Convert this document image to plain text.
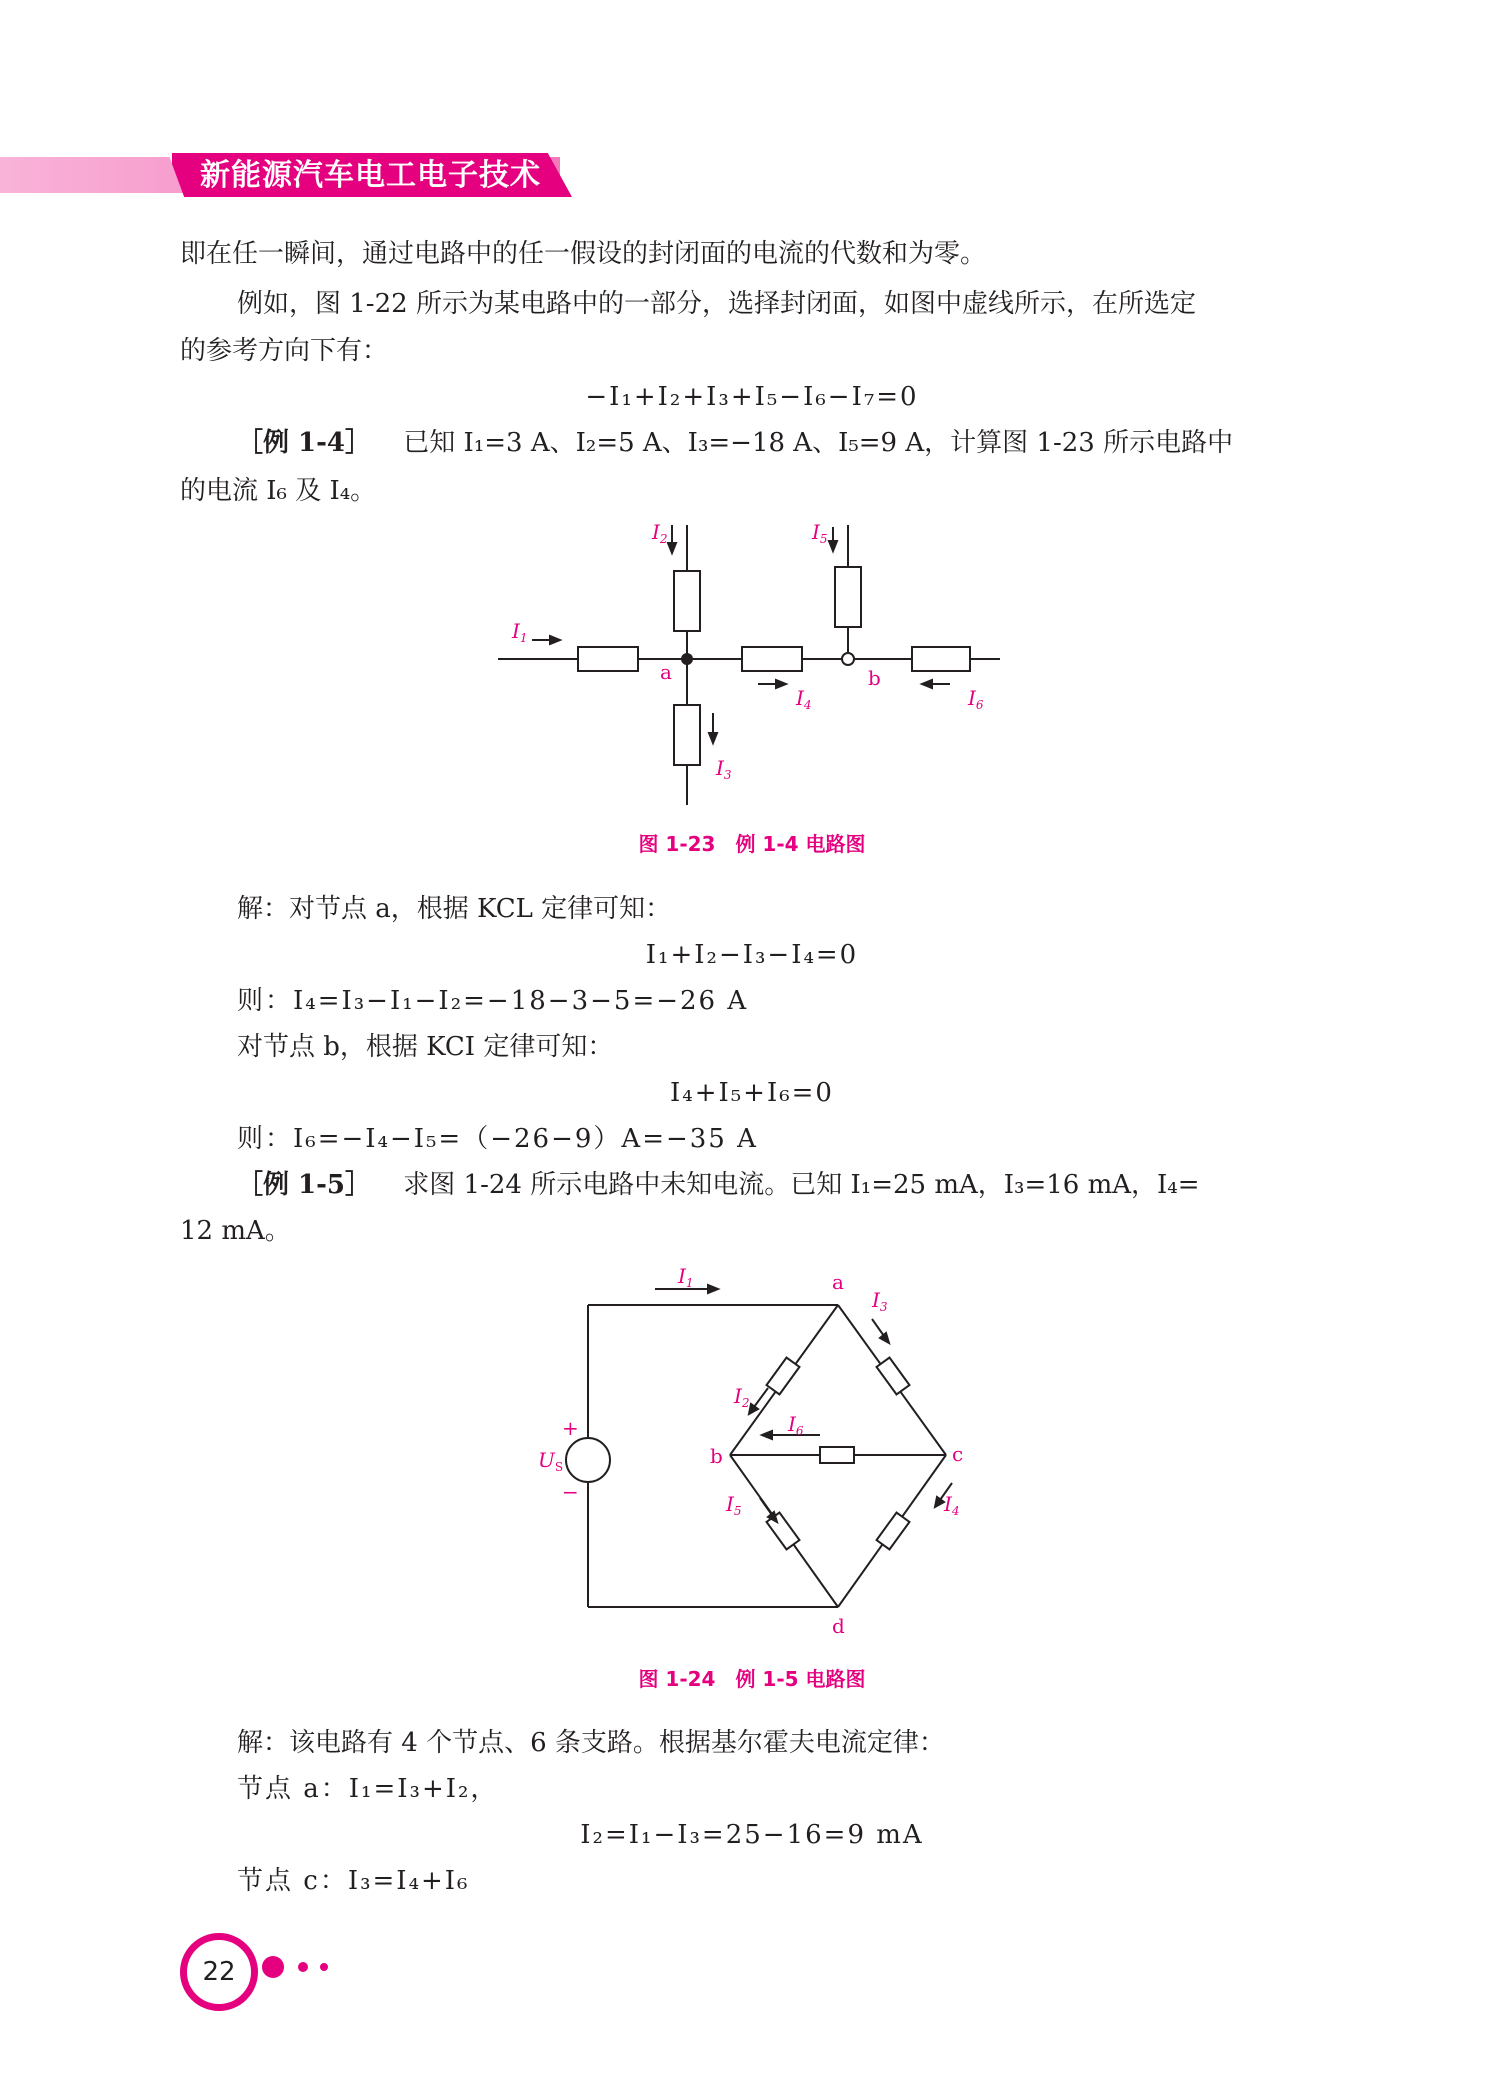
新能源汽车电工电子技术
即在任一瞬间，通过电路中的任一假设的封闭面的电流的代数和为零。
例如，图 1-22 所示为某电路中的一部分，选择封闭面，如图中虚线所示，在所选定
的参考方向下有：
−I₁+I₂+I₃+I₅−I₆−I₇=0
［例 1-4］ 已知 I₁=3 A、I₂=5 A、I₃=−18 A、I₅=9 A，计算图 1-23 所示电路中
的电流 I₆ 及 I₄。
$I_1$
$I_2$	$I_5$
a	b
$I_4$	$I_6$
$I_3$
图 1-23　例 1-4 电路图
解：对节点 a，根据 KCL 定律可知：
I₁+I₂−I₃−I₄=0
则：I₄=I₃−I₁−I₂=−18−3−5=−26 A
对节点 b，根据 KCI 定律可知：
I₄+I₅+I₆=0
则：I₆=−I₄−I₅=（−26−9）A=−35 A
［例 1-5］ 求图 1-24 所示电路中未知电流。已知 I₁=25 mA，I₃=16 mA，I₄=
12 mA。
$I_1$	a
$I_3$
$I_2$
$I_6$
b	c
$I_5$	$I_4$
d
+
$U_S$
−
图 1-24　例 1-5 电路图
解：该电路有 4 个节点、6 条支路。根据基尔霍夫电流定律：
节点 a：I₁=I₃+I₂，
I₂=I₁−I₃=25−16=9 mA
节点 c：I₃=I₄+I₆
22
